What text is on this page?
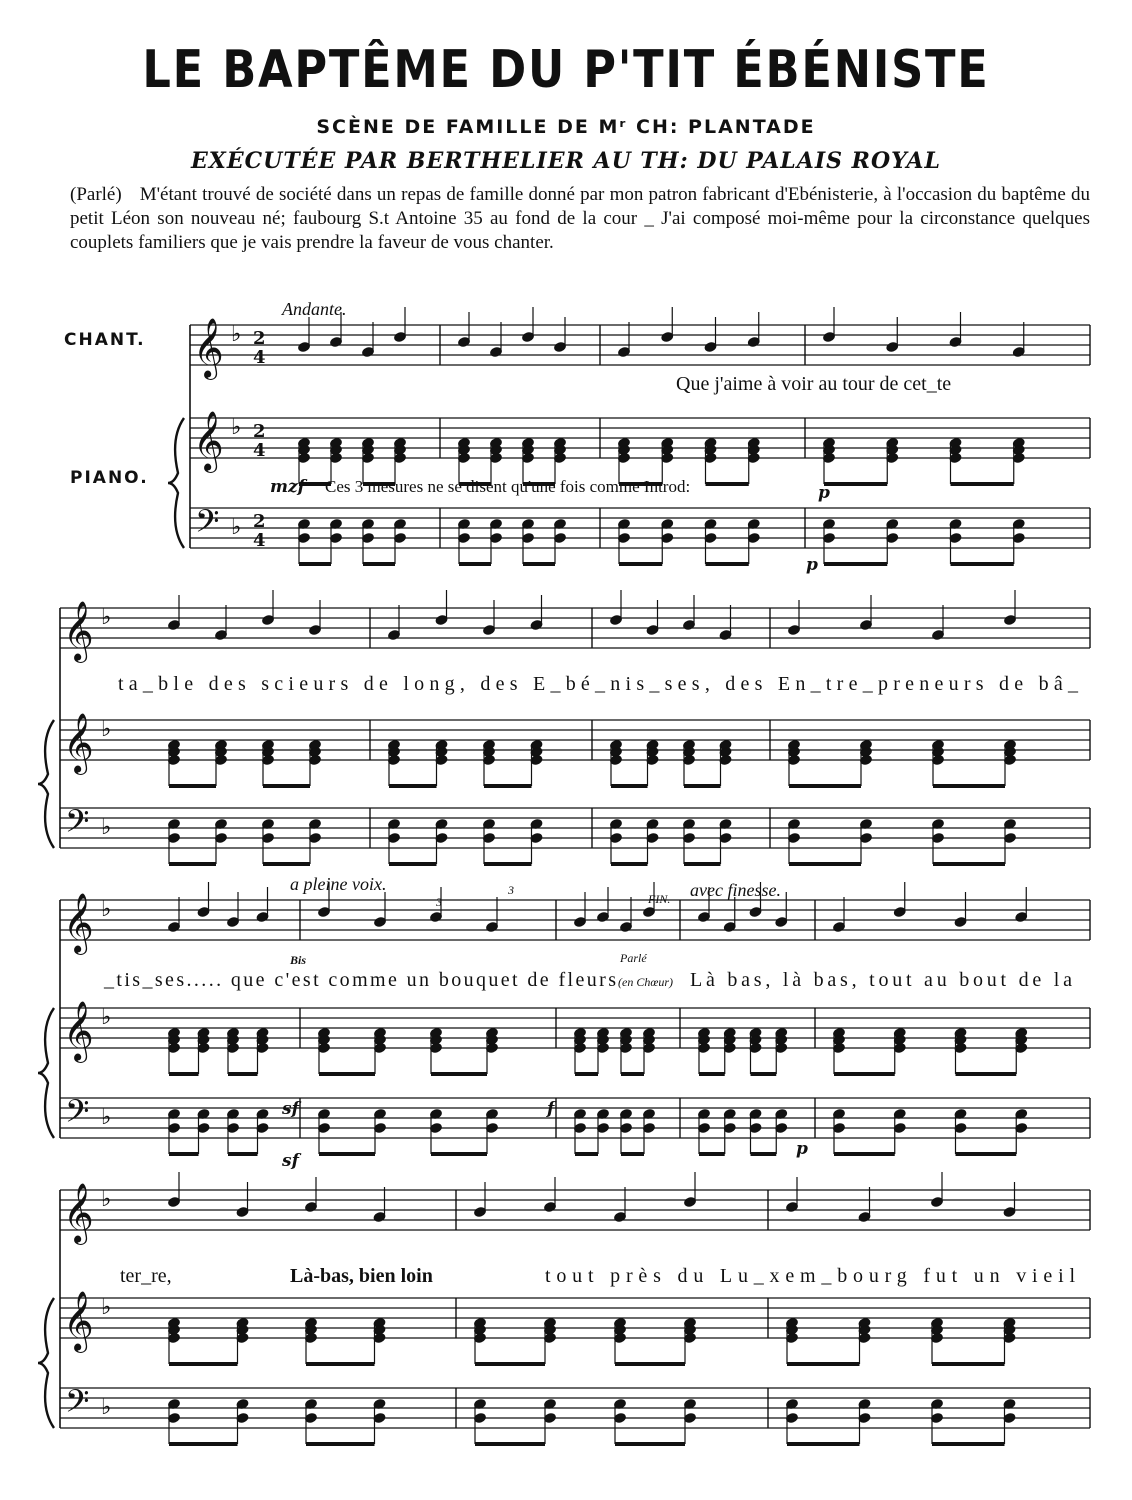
LE BAPTÊME DU P'TIT ÉBÉNISTE
SCÈNE DE FAMILLE DE Mʳ CH: PLANTADE
EXÉCUTÉE PAR BERTHELIER AU TH: DU PALAIS ROYAL
(Parlé) M'étant trouvé de société dans un repas de famille donné par mon patron fabricant d'Ebénisterie, à l'occasion du baptême du petit Léon son nouveau né; faubourg S.t Antoine 35 au fond de la cour _ J'ai composé moi-même pour la circonstance quelques couplets familiers que je vais prendre la faveur de vous chanter.
CHANT.
PIANO.
𝄞 ♭ 2
4
𝄞 ♭ 2
4
𝄢 ♭ 2
4
𝄞 ♭
𝄞 ♭
𝄢 ♭
𝄞 ♭
𝄞 ♭
𝄢 ♭
𝄞 ♭
𝄞 ♭
𝄢 ♭
Andante.
mzf Ces 3 mesures ne se disent qu'une fois comme Introd:	p
p
a pleine voix.
Bis
3
3
FIN.
Parlé
avec finesse.
sf
sf
f
p
Que j'aime à voir au tour de cet_te
ta_ble des scieurs de long, des E_bé_nis_ses, des En_tre_preneurs de bâ_
_tis_ses..... que c'est comme un bouquet de fleurs (en Chœur) Là bas, là bas, tout au bout de la
ter_re,	Là-bas, bien loin	tout près du Lu_xem_bourg fut un vieil
